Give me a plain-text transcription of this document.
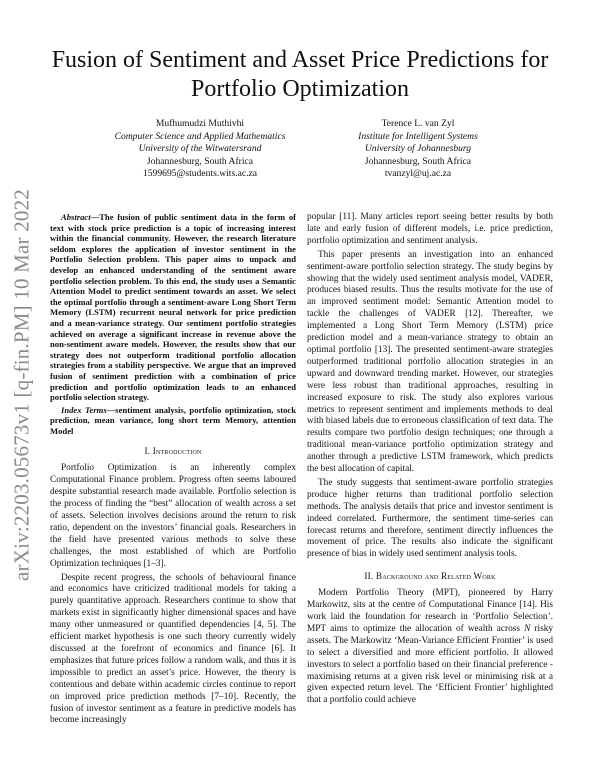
arXiv:2203.05673v1 [q-fin.PM] 10 Mar 2022
Fusion of Sentiment and Asset Price Predictions for
Portfolio Optimization
Mufhumudzi Muthivhi
Computer Science and Applied Mathematics
University of the Witwatersrand
Johannesburg, South Africa
1599695@students.wits.ac.za
Terence L. van Zyl
Institute for Intelligent Systems
University of Johannesburg
Johannesburg, South Africa
tvanzyl@uj.ac.za

Abstract—The fusion of public sentiment data in the form of text with stock price prediction is a topic of increasing interest within the financial community. However, the research literature seldom explores the application of investor sentiment in the Portfolio Selection problem. This paper aims to unpack and develop an enhanced understanding of the sentiment aware portfolio selection problem. To this end, the study uses a Semantic Attention Model to predict sentiment towards an asset. We select the optimal portfolio through a sentiment-aware Long Short Term Memory (LSTM) recurrent neural network for price prediction and a mean-variance strategy. Our sentiment portfolio strategies achieved on average a significant increase in revenue above the non-sentiment aware models. However, the results show that our strategy does not outperform traditional portfolio allocation strategies from a stability perspective. We argue that an improved fusion of sentiment prediction with a combination of price prediction and portfolio optimization leads to an enhanced portfolio selection strategy.

Index Terms—sentiment analysis, portfolio optimization, stock prediction, mean variance, long short term Memory, attention Model

I. Introduction

Portfolio Optimization is an inherently complex Computational Finance problem. Progress often seems laboured despite substantial research made available. Portfolio selection is the process of finding the “best” allocation of wealth across a set of assets. Selection involves decisions around the return to risk ratio, dependent on the investors’ financial goals. Researchers in the field have presented various methods to solve these challenges, the most established of which are Portfolio Optimization techniques [1–3].

Despite recent progress, the schools of behavioural finance and economics have criticized traditional models for taking a purely quantitative approach. Researchers continue to show that markets exist in significantly higher dimensional spaces and have many other unmeasured or quantified dependencies [4, 5]. The efficient market hypothesis is one such theory currently widely discussed at the forefront of economics and finance [6]. It emphasizes that future prices follow a random walk, and thus it is impossible to predict an asset’s price. However, the theory is contentious and debate within academic circles continue to report on improved price prediction methods [7–10]. Recently, the fusion of investor sentiment as a feature in predictive models has become increasingly

popular [11]. Many articles report seeing better results by both late and early fusion of different models, i.e. price prediction, portfolio optimization and sentiment analysis.

This paper presents an investigation into an enhanced sentiment-aware portfolio selection strategy. The study begins by showing that the widely used sentiment analysis model, VADER, produces biased results. Thus the results motivate for the use of an improved sentiment model: Semantic Attention model to tackle the challenges of VADER [12]. Thereafter, we implemented a Long Short Term Memory (LSTM) price prediction model and a mean-variance strategy to obtain an optimal portfolio [13]. The presented sentiment-aware strategies outperformed traditional portfolio allocation strategies in an upward and downward trending market. However, our strategies were less robust than traditional approaches, resulting in increased exposure to risk. The study also explores various metrics to represent sentiment and implements methods to deal with biased labels due to erroneous classification of text data. The results compare two portfolio design techniques; one through a traditional mean-variance portfolio optimization strategy and another through a predictive LSTM framework, which predicts the best allocation of capital.

The study suggests that sentiment-aware portfolio strategies produce higher returns than traditional portfolio selection methods. The analysis details that price and investor sentiment is indeed correlated. Furthermore, the sentiment time-series can forecast returns and therefore, sentiment directly influences the movement of price. The results also indicate the significant presence of bias in widely used sentiment analysis tools.

II. Background and Related Work

Modern Portfolio Theory (MPT), pioneered by Harry Markowitz, sits at the centre of Computational Finance [14]. His work laid the foundation for research in ‘Portfolio Selection’. MPT aims to optimize the allocation of wealth across N risky assets. The Markowitz ‘Mean-Variance Efficient Frontier’ is used to select a diversified and more efficient portfolio. It allowed investors to select a portfolio based on their financial preference - maximising returns at a given risk level or minimising risk at a given expected return level. The ‘Efficient Frontier’ highlighted that a portfolio could achieve
